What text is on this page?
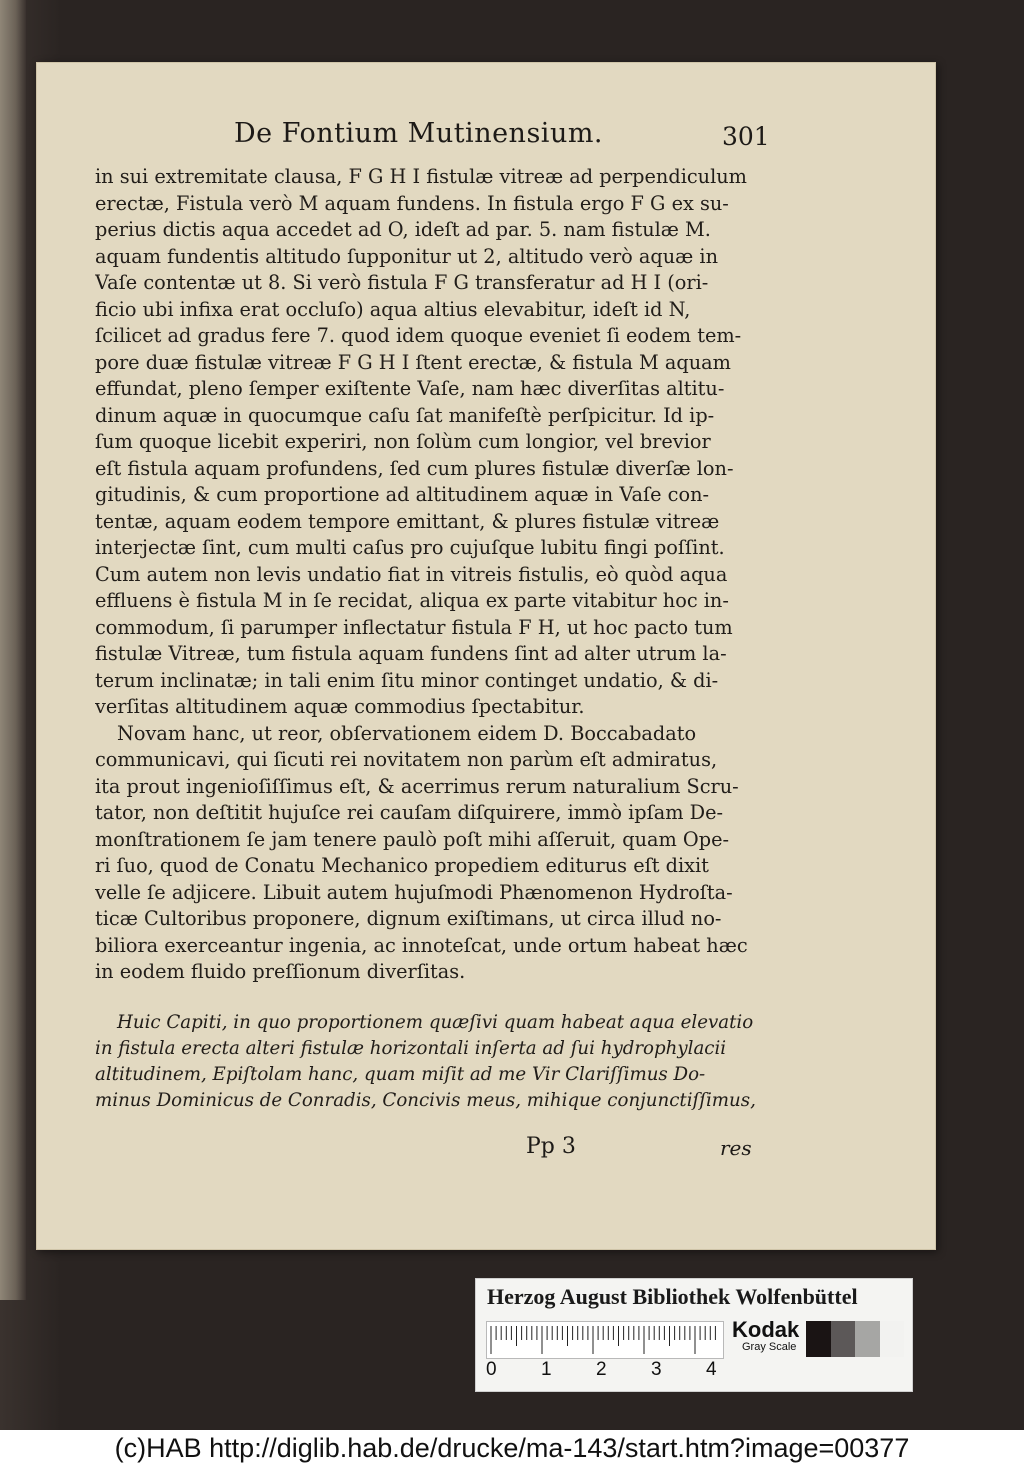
De Fontium Mutinensium.	301
in sui extremitate clausa, F G H I fistulæ vitreæ ad perpendiculum
erectæ, Fistula verò M aquam fundens. In fistula ergo F G ex su-
perius dictis aqua accedet ad O, ideſt ad par. 5. nam fistulæ M.
aquam fundentis altitudo ſupponitur ut 2, altitudo verò aquæ in
Vaſe contentæ ut 8. Si verò fistula F G transferatur ad H I (ori-
ficio ubi infixa erat occluſo) aqua altius elevabitur, ideſt id N,
ſcilicet ad gradus fere 7. quod idem quoque eveniet ſi eodem tem-
pore duæ fistulæ vitreæ F G H I ſtent erectæ, & fistula M aquam
effundat, pleno ſemper exiſtente Vaſe, nam hæc diverſitas altitu-
dinum aquæ in quocumque caſu ſat manifeſtè perſpicitur. Id ip-
ſum quoque licebit experiri, non ſolùm cum longior, vel brevior
eſt fistula aquam profundens, ſed cum plures fistulæ diverſæ lon-
gitudinis, & cum proportione ad altitudinem aquæ in Vaſe con-
tentæ, aquam eodem tempore emittant, & plures fistulæ vitreæ
interjectæ ſint, cum multi caſus pro cujuſque lubitu fingi poſſint.
Cum autem non levis undatio fiat in vitreis fistulis, eò quòd aqua
effluens è fistula M in ſe recidat, aliqua ex parte vitabitur hoc in-
commodum, ſi parumper inflectatur fistula F H, ut hoc pacto tum
fistulæ Vitreæ, tum fistula aquam fundens ſint ad alter utrum la-
terum inclinatæ; in tali enim ſitu minor continget undatio, & di-
verſitas altitudinem aquæ commodius ſpectabitur.
Novam hanc, ut reor, obſervationem eidem D. Boccabadato
communicavi, qui ſicuti rei novitatem non parùm eſt admiratus,
ita prout ingenioſiſſimus eſt, & acerrimus rerum naturalium Scru-
tator, non deſtitit hujuſce rei cauſam diſquirere, immò ipſam De-
monſtrationem ſe jam tenere paulò poſt mihi aſſeruit, quam Ope-
ri ſuo, quod de Conatu Mechanico propediem editurus eſt dixit
velle ſe adjicere. Libuit autem hujuſmodi Phænomenon Hydroſta-
ticæ Cultoribus proponere, dignum exiſtimans, ut circa illud no-
biliora exerceantur ingenia, ac innoteſcat, unde ortum habeat hæc
in eodem fluido preſſionum diverſitas.
Huic Capiti, in quo proportionem quæſivi quam habeat aqua elevatio
in fistula erecta alteri fistulæ horizontali inſerta ad ſui hydrophylacii
altitudinem, Epiſtolam hanc, quam miſit ad me Vir Clariſſimus Do-
minus Dominicus de Conradis, Concivis meus, mihique conjunctiſſimus,
Pp 3	res
Herzog August Bibliothek Wolfenbüttel
0 1 2 3 4
Kodak
Gray Scale
(c)HAB http://diglib.hab.de/drucke/ma-143/start.htm?image=00377
